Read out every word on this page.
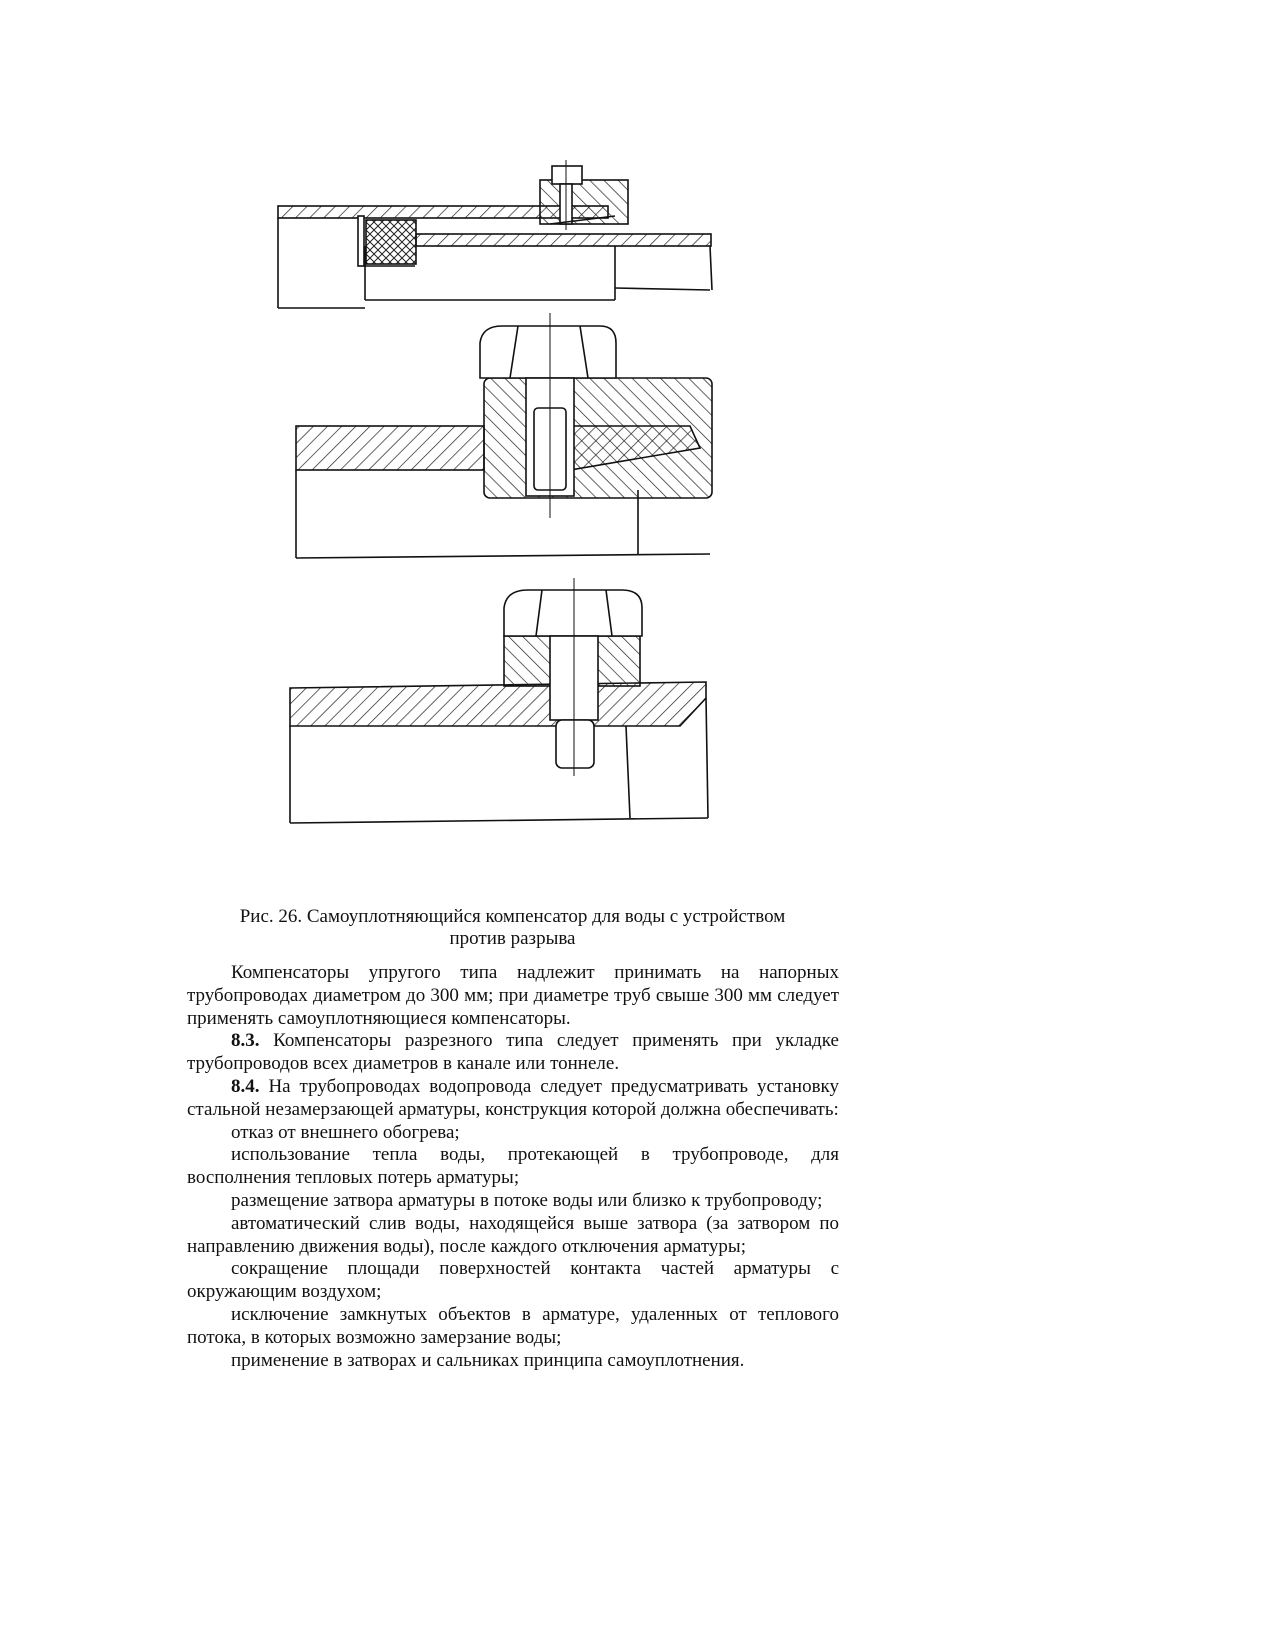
Рис. 26. Самоуплотняющийся компенсатор для воды с устройством
против разрыва

Компенсаторы упругого типа надлежит принимать на напорных трубопроводах диаметром до 300 мм; при диаметре труб свыше 300 мм следует применять самоуплотняющиеся компенсаторы.

8.3. Компенсаторы разрезного типа следует применять при укладке трубопроводов всех диаметров в канале или тоннеле.

8.4. На трубопроводах водопровода следует предусматривать установку стальной незамерзающей арматуры, конструкция которой должна обеспечивать:

отказ от внешнего обогрева;

использование тепла воды, протекающей в трубопроводе, для восполнения тепловых потерь арматуры;

размещение затвора арматуры в потоке воды или близко к трубопроводу;

автоматический слив воды, находящейся выше затвора (за затвором по направлению движения воды), после каждого отключения арматуры;

сокращение площади поверхностей контакта частей арматуры с окружающим воздухом;

исключение замкнутых объектов в арматуре, удаленных от теплового потока, в которых возможно замерзание воды;

применение в затворах и сальниках принципа самоуплотнения.
